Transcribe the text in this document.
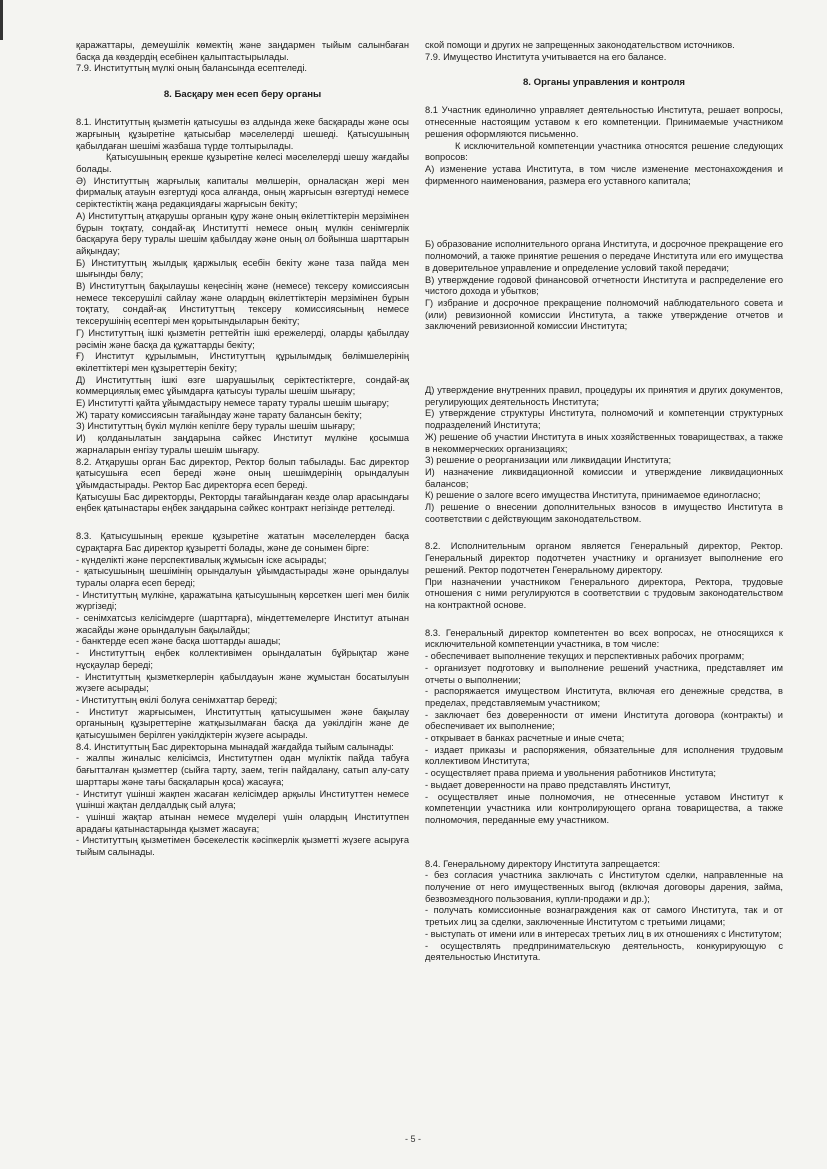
қаражаттары, демеушілік көмектің және заңдармен тыйым салынбаған басқа да көздердің есебінен қалыптастырылады.

7.9. Институттың мүлкі оның балансында есептеледі.

8. Басқару мен есеп беру органы

8.1. Институттың қызметін қатысушы өз алдында жеке басқарады және осы жарғының құзыретіне қатысыбар мәселелерді шешеді. Қатысушының қабылдаған шешімі жазбаша түрде толтырылады.

Қатысушының ерекше құзыретіне келесі мәселелерді шешу жағдайы болады.

Ә) Институттың жарғылық капиталы мөлшерін, орналасқан жері мен фирмалық атауын өзгертуді қоса алғанда, оның жарғысын өзгертуді немесе серіктестіктің жаңа редакциядағы жарғысын бекіту;

А) Институттың атқарушы органын құру және оның өкілеттіктерін мерзімінен бұрын тоқтату, сондай-ақ Институтті немесе оның мүлкін сенімгерлік басқаруға беру туралы шешім қабылдау және оның ол бойынша шарттарын айқындау;

Б) Институттың жылдық қаржылық есебін бекіту және таза пайда мен шығынды бөлу;

В) Институттың бақылаушы кеңесінің және (немесе) тексеру комиссиясын немесе тексерушілі сайлау және олардың өкілеттіктерін мерзімінен бұрын тоқтату, сондай-ақ Институттың тексеру комиссиясының немесе тексерушінің есептері мен қорытындыларын бекіту;

Г) Институттың ішкі қызметін реттейтін ішкі ережелерді, оларды қабылдау рәсімін және басқа да құжаттарды бекіту;

Ғ) Институт құрылымын, Институттың құрылымдық бөлімшелерінің өкілеттіктері мен құзыреттерін бекіту;

Д) Институттың ішкі өзге шаруашылық серіктестіктерге, сондай-ақ коммерциялық емес ұйымдарға қатысуы туралы шешім шығару;

Е) Институтті қайта ұйымдастыру немесе тарату туралы шешім шығару;

Ж) тарату комиссиясын тағайындау және тарату балансын бекіту;

З) Институттың бүкіл мүлкін кепілге беру туралы шешім шығару;

И) қолданылатын заңдарына сәйкес Институт мүлкіне қосымша жарналарын енгізу туралы шешім шығару.

8.2. Атқарушы орган Бас директор, Ректор болып табылады. Бас директор қатысушыға есеп береді және оның шешімдерінің орындалуын ұйымдастырады. Ректор Бас директорға есеп береді.

Қатысушы Бас директорды, Ректорды тағайындаған кезде олар арасындағы еңбек қатынастары еңбек заңдарына сәйкес контракт негізінде реттеледі.

8.3. Қатысушының ерекше құзыретіне жататын мәселелерден басқа сұрақтарға Бас директор құзыретті болады, және де сонымен бірге:

- күнделікті және перспективалық жұмысын іске асырады;

- қатысушының шешімінің орындалуын ұйымдастырады және орындалуы туралы оларға есеп береді;

- Институттың мүлкіне, қаражатына қатысушының көрсеткен шегі мен билік жүргізеді;

- сенімхатсыз келісімдерге (шарттарға), міндеттемелерге Институт атынан жасайды және орындалуын бақылайды;

- банктерде есеп және басқа шоттарды ашады;

- Институттың еңбек коллективімен орындалатын бұйрықтар және нұсқаулар береді;

- Институттың қызметкерлерін қабылдауын және жұмыстан босатылуын жүзеге асырады;

- Институттың өкілі болуға сенімхаттар береді;

- Институт жарғысымен, Институттың қатысушымен және бақылау органының құзыреттеріне жатқызылмаған басқа да уәкілдігін және де қатысушымен берілген уәкілдіктерін жүзеге асырады.

8.4. Институттың Бас директорына мынадай жағдайда тыйым салынады:

- жалпы жиналыс келісімсіз, Институтпен одан мүліктік пайда табуға бағытталған қызметтер (сыйға тарту, заем, тегін пайдалану, сатып алу-сату шарттары және тағы басқаларын қоса) жасауға;

- Институт үшінші жақпен жасаған келісімдер арқылы Институттен немесе үшінші жақтан делдалдық сый алуға;

- үшінші жақтар атынан немесе мүделері үшін олардың Институтпен арадағы қатынастарында қызмет жасауға;

- Институттың қызметімен бәсекелестік кәсіпкерлік қызметті жүзеге асыруға тыйым салынады.

ской помощи и других не запрещенных законодательством источников.

7.9. Имущество Института учитывается на его балансе.

8. Органы управления и контроля

8.1 Участник единолично управляет деятельностью Института, решает вопросы, отнесенные настоящим уставом к его компетенции. Принимаемые участником решения оформляются письменно.

К исключительной компетенции участника относятся решение следующих вопросов:

А) изменение устава Института, в том числе изменение местонахождения и фирменного наименования, размера его уставного капитала;

Б) образование исполнительного органа Института, и досрочное прекращение его полномочий, а также принятие решения о передаче Института или его имущества в доверительное управление и определение условий такой передачи;

В) утверждение годовой финансовой отчетности Института и распределение его чистого дохода и убытков;

Г) избрание и досрочное прекращение полномочий наблюдательного совета и (или) ревизионной комиссии Института, а также утверждение отчетов и заключений ревизионной комиссии Института;

Д) утверждение внутренних правил, процедуры их принятия и других документов, регулирующих деятельность Института;

Е) утверждение структуры Института, полномочий и компетенции структурных подразделений Института;

Ж) решение об участии Института в иных хозяйственных товариществах, а также в некоммерческих организациях;

З) решение о реорганизации или ликвидации Института;

И) назначение ликвидационной комиссии и утверждение ликвидационных балансов;

К) решение о залоге всего имущества Института, принимаемое единогласно;

Л) решение о внесении дополнительных взносов в имущество Института в соответствии с действующим законодательством.

8.2. Исполнительным органом является Генеральный директор, Ректор. Генеральный директор подотчетен участнику и организует выполнение его решений. Ректор подотчетен Генеральному директору.

При назначении участником Генерального директора, Ректора, трудовые отношения с ними регулируются в соответствии с трудовым законодательством на контрактной основе.

8.3. Генеральный директор компетентен во всех вопросах, не относящихся к исключительной компетенции участника, в том числе:

- обеспечивает выполнение текущих и перспективных рабочих программ;

- организует подготовку и выполнение решений участника, представляет им отчеты о выполнении;

- распоряжается имуществом Института, включая его денежные средства, в пределах, представляемым участником;

- заключает без доверенности от имени Института договора (контракты) и обеспечивает их выполнение;

- открывает в банках расчетные и иные счета;

- издает приказы и распоряжения, обязательные для исполнения трудовым коллективом Института;

- осуществляет права приема и увольнения работников Института;

- выдает доверенности на право представлять Институт,

- осуществляет иные полномочия, не отнесенные уставом Институт к компетенции участника или контролирующего органа товарищества, а также полномочия, переданные ему участником.

8.4. Генеральному директору Института запрещается:

- без согласия участника заключать с Институтом сделки, направленные на получение от него имущественных выгод (включая договоры дарения, займа, безвозмездного пользования, купли-продажи и др.);

- получать комиссионные вознаграждения как от самого Института, так и от третьих лиц за сделки, заключенные Институтом с третьими лицами;

- выступать от имени или в интересах третьих лиц в их отношениях с Институтом;

- осуществлять предпринимательскую деятельность, конкурирующую с деятельностью Института.

- 5 -
